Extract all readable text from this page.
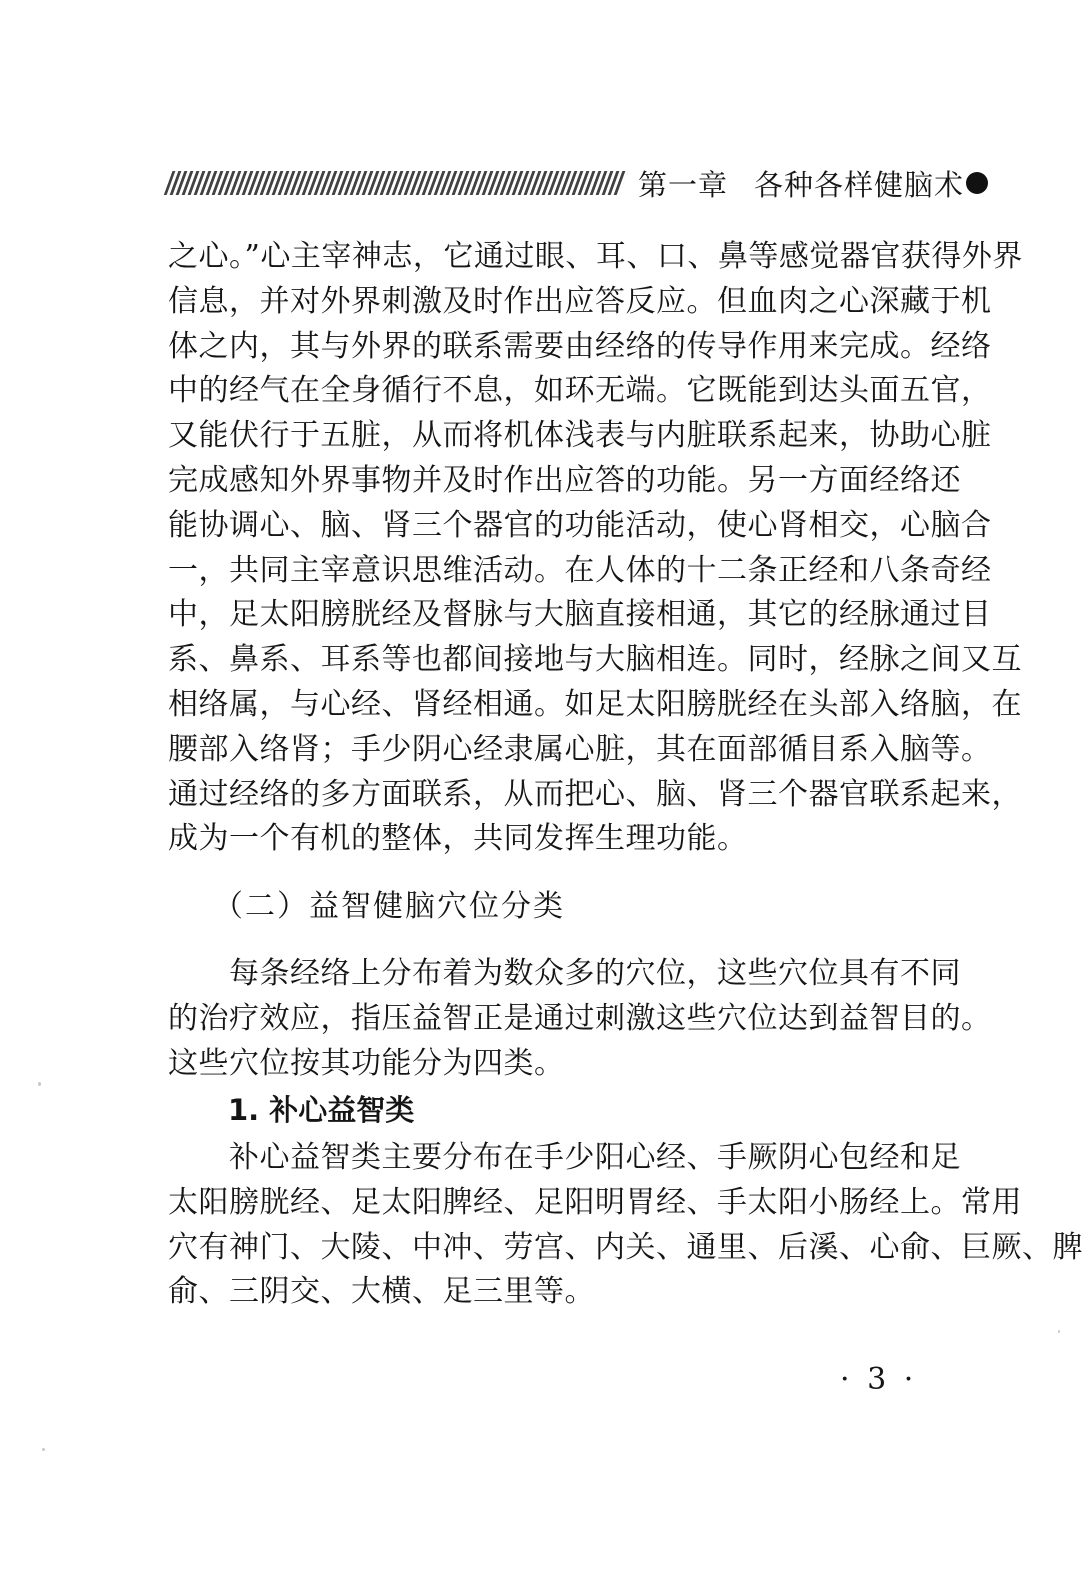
第一章 各种各样健脑术
之心。”心主宰神志，它通过眼、耳、口、鼻等感觉器官获得外界
信息，并对外界刺激及时作出应答反应。但血肉之心深藏于机
体之内，其与外界的联系需要由经络的传导作用来完成。经络
中的经气在全身循行不息，如环无端。它既能到达头面五官，
又能伏行于五脏，从而将机体浅表与内脏联系起来，协助心脏
完成感知外界事物并及时作出应答的功能。另一方面经络还
能协调心、脑、肾三个器官的功能活动，使心肾相交，心脑合
一，共同主宰意识思维活动。在人体的十二条正经和八条奇经
中，足太阳膀胱经及督脉与大脑直接相通，其它的经脉通过目
系、鼻系、耳系等也都间接地与大脑相连。同时，经脉之间又互
相络属，与心经、肾经相通。如足太阳膀胱经在头部入络脑，在
腰部入络肾；手少阴心经隶属心脏，其在面部循目系入脑等。
通过经络的多方面联系，从而把心、脑、肾三个器官联系起来，
成为一个有机的整体，共同发挥生理功能。
（二）益智健脑穴位分类
　　每条经络上分布着为数众多的穴位，这些穴位具有不同
的治疗效应，指压益智正是通过刺激这些穴位达到益智目的。
这些穴位按其功能分为四类。
1. 补心益智类
　　补心益智类主要分布在手少阳心经、手厥阴心包经和足
太阳膀胱经、足太阳脾经、足阳明胃经、手太阳小肠经上。常用
穴有神门、大陵、中冲、劳宫、内关、通里、后溪、心俞、巨厥、脾
俞、三阴交、大横、足三里等。
· 3 ·
